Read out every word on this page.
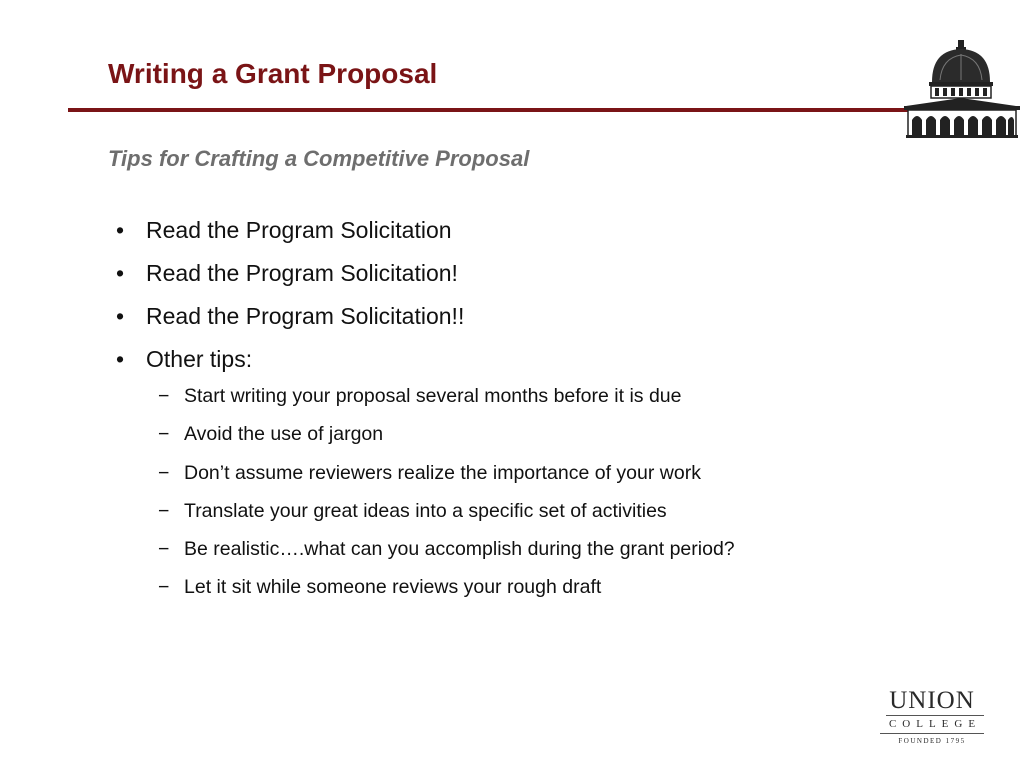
Writing a Grant Proposal
Tips for Crafting a Competitive Proposal
• Read the Program Solicitation
• Read the Program Solicitation!
• Read the Program Solicitation!!
• Other tips:
− Start writing your proposal several months before it is due
− Avoid the use of jargon
− Don’t assume reviewers realize the importance of your work
− Translate your great ideas into a specific set of activities
− Be realistic….what can you accomplish during the grant period?
− Let it sit while someone reviews your rough draft
UNION
COLLEGE
FOUNDED 1795
